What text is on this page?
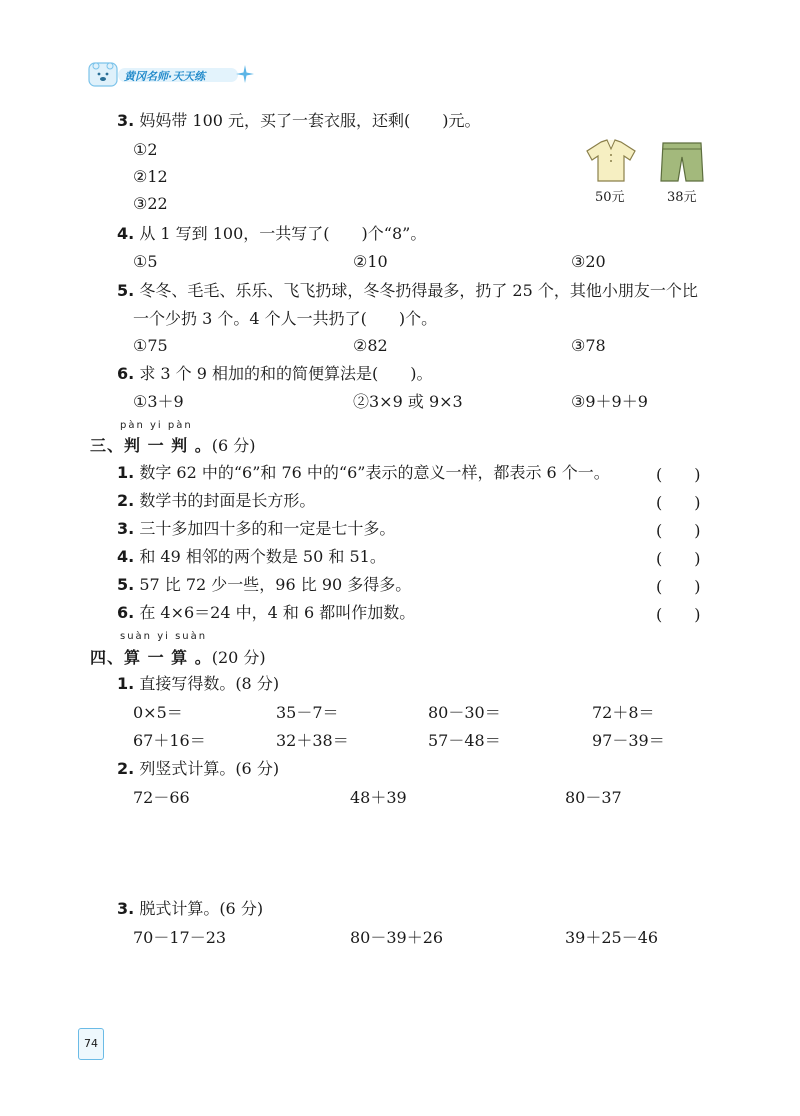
黄冈名师·天天练
3. 妈妈带 100 元，买了一套衣服，还剩(　　)元。
①2
②12
③22	50元	38元
4. 从 1 写到 100，一共写了(　　)个“8”。
①5	②10	③20
5. 冬冬、毛毛、乐乐、飞飞扔球，冬冬扔得最多，扔了 25 个，其他小朋友一个比
一个少扔 3 个。4 个人一共扔了(　　)个。
①75	②82	③78
6. 求 3 个 9 相加的和的简便算法是(　　)。
①3＋9	②3×9 或 9×3	③9＋9＋9
pàn yi pàn
三、判 一 判 。(6 分)
1. 数字 62 中的“6”和 76 中的“6”表示的意义一样，都表示 6 个一。	(　　)
2. 数学书的封面是长方形。	(　　)
3. 三十多加四十多的和一定是七十多。	(　　)
4. 和 49 相邻的两个数是 50 和 51。	(　　)
5. 57 比 72 少一些，96 比 90 多得多。	(　　)
6. 在 4×6＝24 中，4 和 6 都叫作加数。	(　　)
suàn yi suàn
四、算 一 算 。(20 分)
1. 直接写得数。(8 分)
0×5＝	35－7＝	80－30＝	72＋8＝
67＋16＝	32＋38＝	57－48＝	97－39＝
2. 列竖式计算。(6 分)
72－66	48＋39	80－37
3. 脱式计算。(6 分)
70－17－23	80－39＋26	39＋25－46
74
